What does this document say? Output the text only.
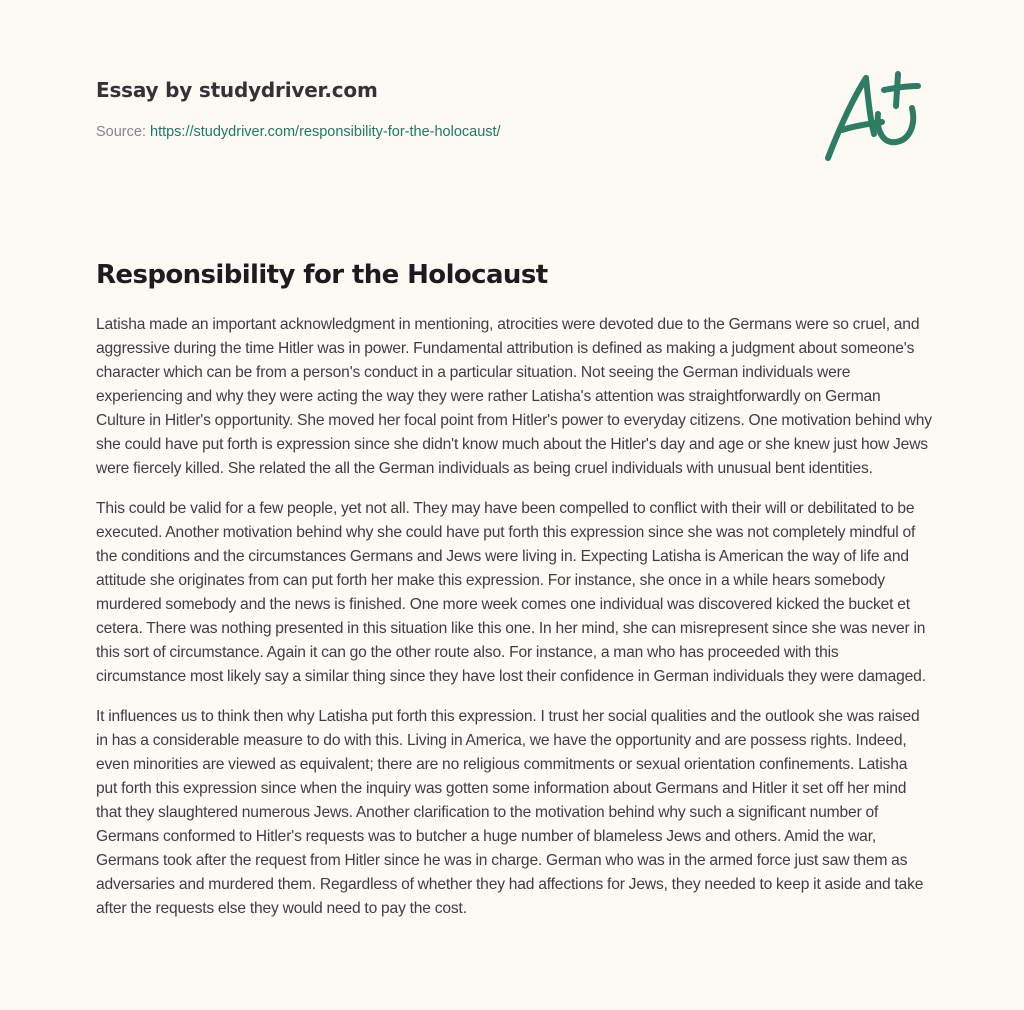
Essay by studydriver.com
Source: https://studydriver.com/responsibility-for-the-holocaust/
Responsibility for the Holocaust

Latisha made an important acknowledgment in mentioning, atrocities were devoted due to the Germans were so cruel, and aggressive during the time Hitler was in power. Fundamental attribution is defined as making a judgment about someone's character which can be from a person's conduct in a particular situation. Not seeing the German individuals were experiencing and why they were acting the way they were rather Latisha's attention was straightforwardly on German Culture in Hitler's opportunity. She moved her focal point from Hitler's power to everyday citizens. One motivation behind why she could have put forth is expression since she didn't know much about the Hitler's day and age or she knew just how Jews were fiercely killed. She related the all the German individuals as being cruel individuals with unusual bent identities.

This could be valid for a few people, yet not all. They may have been compelled to conflict with their will or debilitated to be executed. Another motivation behind why she could have put forth this expression since she was not completely mindful of the conditions and the circumstances Germans and Jews were living in. Expecting Latisha is American the way of life and attitude she originates from can put forth her make this expression. For instance, she once in a while hears somebody murdered somebody and the news is finished. One more week comes one individual was discovered kicked the bucket et cetera. There was nothing presented in this situation like this one. In her mind, she can misrepresent since she was never in this sort of circumstance. Again it can go the other route also. For instance, a man who has proceeded with this circumstance most likely say a similar thing since they have lost their confidence in German individuals they were damaged.

It influences us to think then why Latisha put forth this expression. I trust her social qualities and the outlook she was raised in has a considerable measure to do with this. Living in America, we have the opportunity and are possess rights. Indeed, even minorities are viewed as equivalent; there are no religious commitments or sexual orientation confinements. Latisha put forth this expression since when the inquiry was gotten some information about Germans and Hitler it set off her mind that they slaughtered numerous Jews. Another clarification to the motivation behind why such a significant number of Germans conformed to Hitler's requests was to butcher a huge number of blameless Jews and others. Amid the war, Germans took after the request from Hitler since he was in charge. German who was in the armed force just saw them as adversaries and murdered them. Regardless of whether they had affections for Jews, they needed to keep it aside and take after the requests else they would need to pay the cost.
